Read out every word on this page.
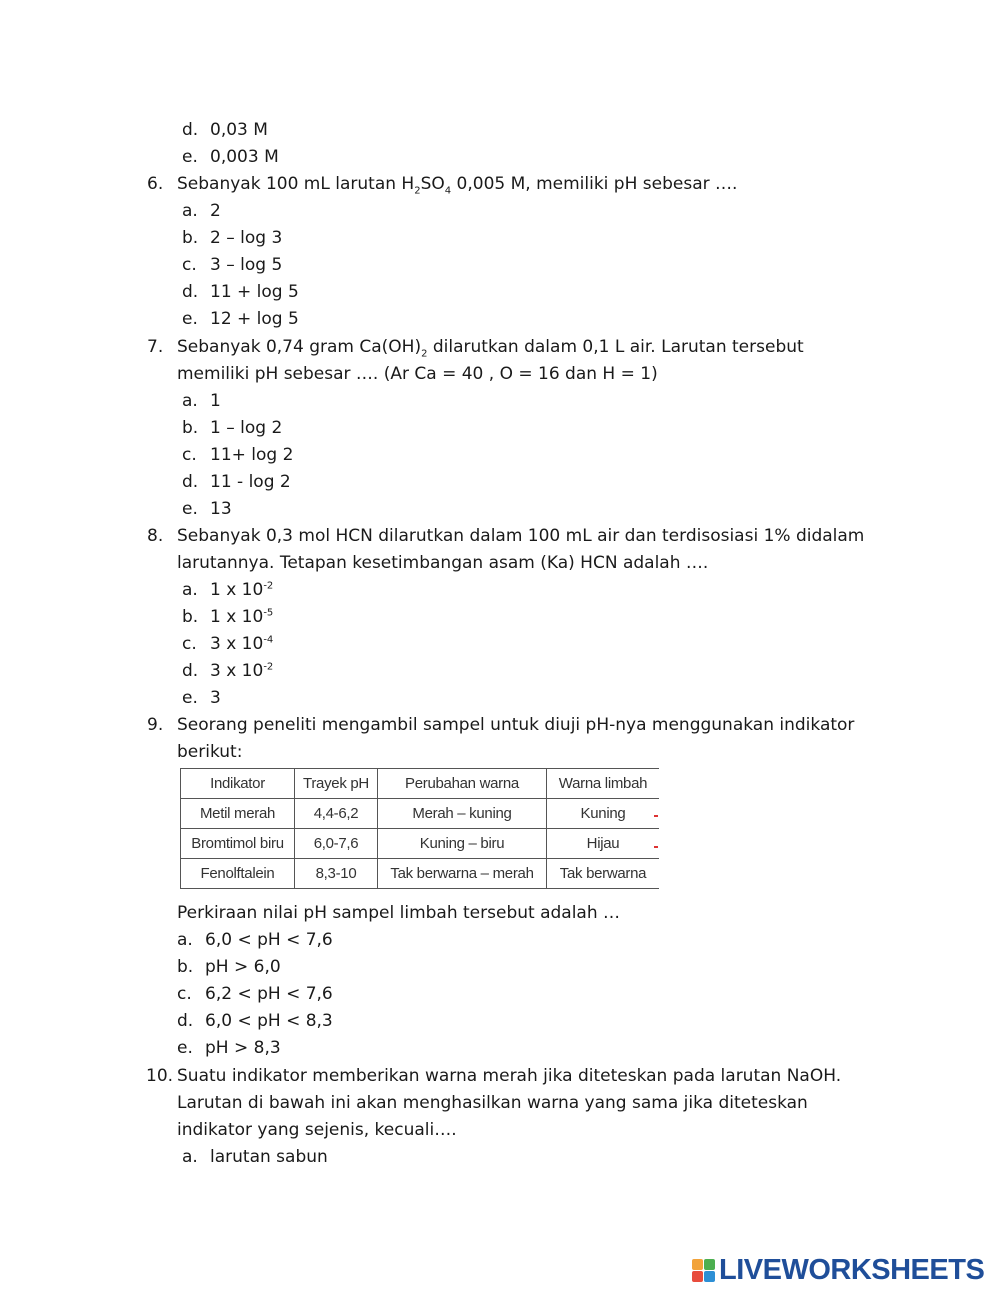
d. 0,03 M
e. 0,003 M
6. Sebanyak 100 mL larutan $H_2SO_4$ 0,005 M, memiliki pH sebesar ….
a. 2
b. 2 – log 3
c. 3 – log 5
d. 11 + log 5
e. 12 + log 5
7. Sebanyak 0,74 gram $Ca(OH)_2$ dilarutkan dalam 0,1 L air. Larutan tersebut
memiliki pH sebesar …. (Ar Ca = 40 , O = 16 dan H = 1)
a. 1
b. 1 – log 2
c. 11+ log 2
d. 11 - log 2
e. 13
8. Sebanyak 0,3 mol HCN dilarutkan dalam 100 mL air dan terdisosiasi 1% didalam
larutannya. Tetapan kesetimbangan asam (Ka) HCN adalah ….
a. 1 x $10^{-2}$
b. 1 x $10^{-5}$
c. 3 x $10^{-4}$
d. 3 x $10^{-2}$
e. 3
9. Seorang peneliti mengambil sampel untuk diuji pH-nya menggunakan indikator
berikut:
Indikator	Trayek pH	Perubahan warna	Warna limbah
Metil merah	4,4-6,2	Merah – kuning	Kuning
Bromtimol biru	6,0-7,6	Kuning – biru	Hijau
Fenolftalein	8,3-10	Tak berwarna – merah	Tak berwarna
Perkiraan nilai pH sampel limbah tersebut adalah …
a. 6,0 < pH < 7,6
b. pH > 6,0
c. 6,2 < pH < 7,6
d. 6,0 < pH < 8,3
e. pH > 8,3
10. Suatu indikator memberikan warna merah jika diteteskan pada larutan NaOH.
Larutan di bawah ini akan menghasilkan warna yang sama jika diteteskan
indikator yang sejenis, kecuali….
a. larutan sabun
LIVEWORKSHEETS
